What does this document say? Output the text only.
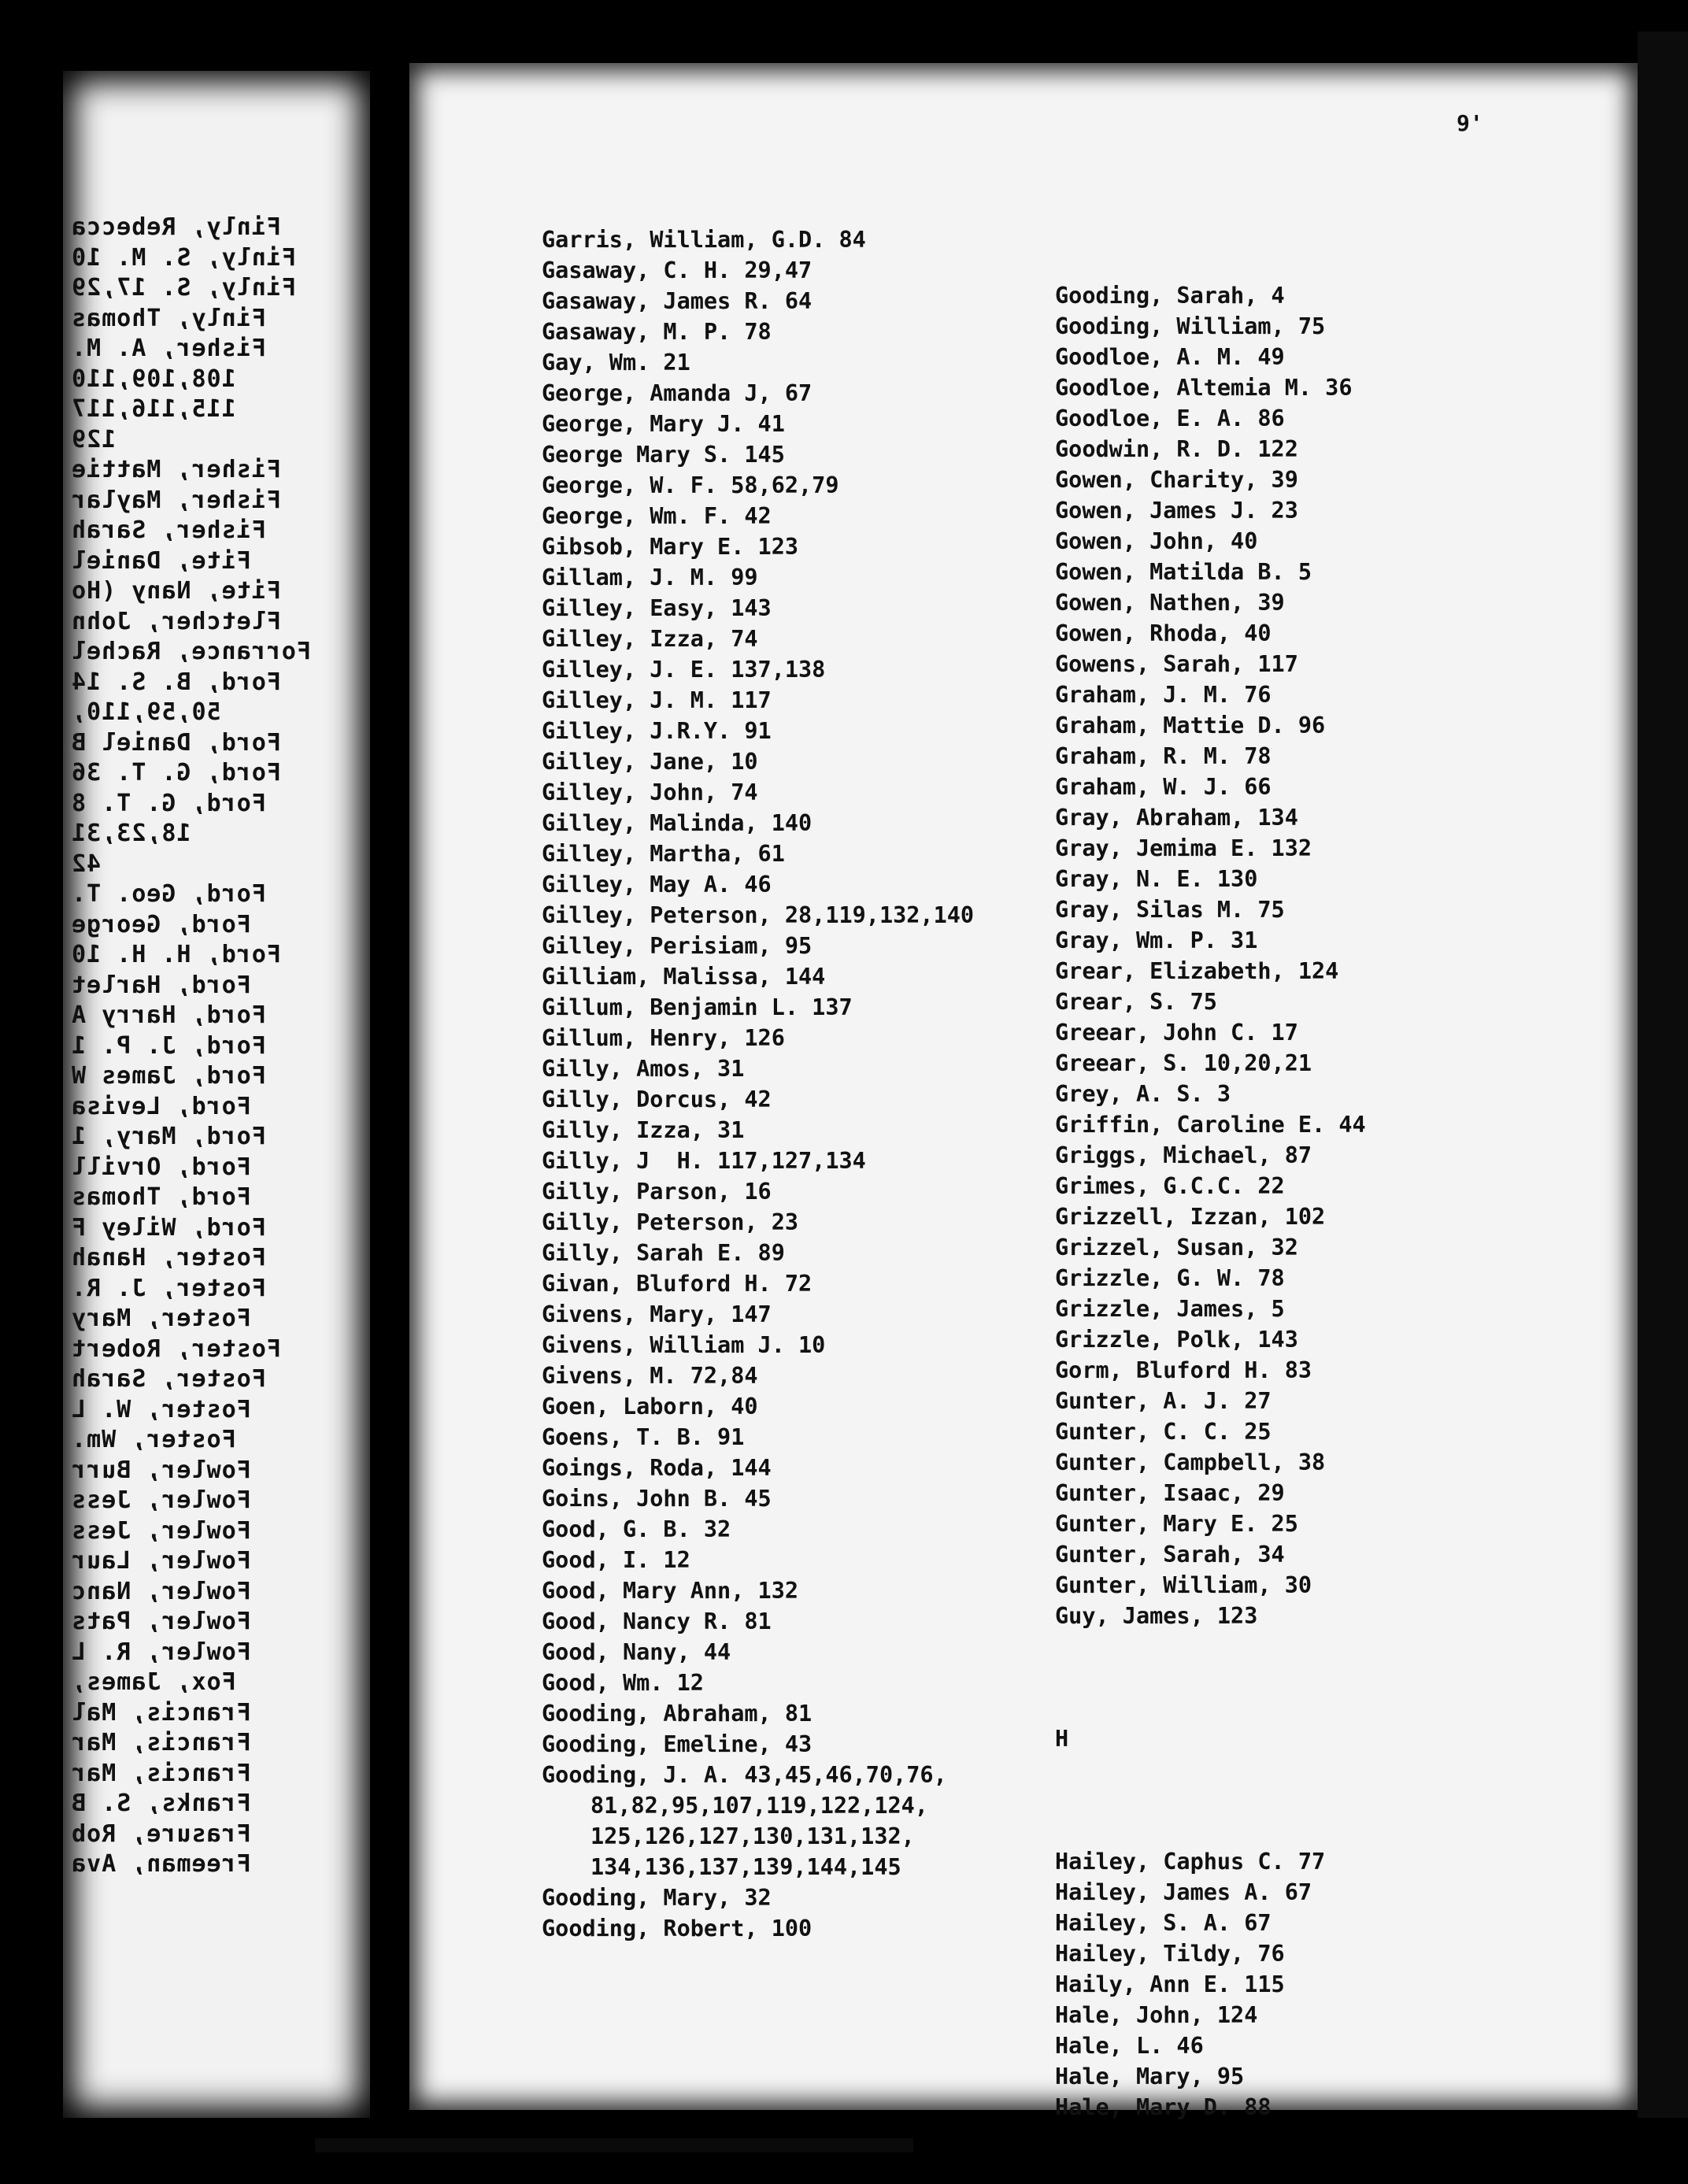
Finly, Rebecca
Finly, S. M. 10
Finly, S. 17,29
Finly, Thomas
Fisher, A. M.
108,109,110
115,116,117
129
Fisher, Mattie
Fisher, Maylar
Fisher, Sarah
Fite, Daniel
Fite, Nany (Ho
Fletcher, John
Forrance, Rachel
Ford, B. S. 14
50,59,110,
Ford, Daniel B
Ford, G. T. 36
Ford, G. T. 8
18,23,31
42
Ford, Geo. T.
Ford, George
Ford, H. H. 10
Ford, Harlet
Ford, Harry A
Ford, J. P. 1
Ford, James W
Ford, Levisa
Ford, Mary, 1
Ford, Orvill
Ford, Thomas
Ford, Wiley F
Foster, Hanah
Foster, J. R.
Foster, Mary
Foster, Robert
Foster, Sarah
Foster, W. L
Foster, Wm.
Fowler, Burr
Fowler, Jess
Fowler, Jess
Fowler, Laur
Fowler, Nanc
Fowler, Pats
Fowler, R. L
Fox, James,
Francis, Mal
Francis, Mar
Francis, Mar
Franks, S. B
Frasure, Rob
Freeman, Ava
9'
Garris, William, G.D. 84
Gasaway, C. H. 29,47
Gasaway, James R. 64
Gasaway, M. P. 78
Gay, Wm. 21
George, Amanda J, 67
George, Mary J. 41
George Mary S. 145
George, W. F. 58,62,79
George, Wm. F. 42
Gibsob, Mary E. 123
Gillam, J. M. 99
Gilley, Easy, 143
Gilley, Izza, 74
Gilley, J. E. 137,138
Gilley, J. M. 117
Gilley, J.R.Y. 91
Gilley, Jane, 10
Gilley, John, 74
Gilley, Malinda, 140
Gilley, Martha, 61
Gilley, May A. 46
Gilley, Peterson, 28,119,132,140
Gilley, Perisiam, 95
Gilliam, Malissa, 144
Gillum, Benjamin L. 137
Gillum, Henry, 126
Gilly, Amos, 31
Gilly, Dorcus, 42
Gilly, Izza, 31
Gilly, J  H. 117,127,134
Gilly, Parson, 16
Gilly, Peterson, 23
Gilly, Sarah E. 89
Givan, Bluford H. 72
Givens, Mary, 147
Givens, William J. 10
Givens, M. 72,84
Goen, Laborn, 40
Goens, T. B. 91
Goings, Roda, 144
Goins, John B. 45
Good, G. B. 32
Good, I. 12
Good, Mary Ann, 132
Good, Nancy R. 81
Good, Nany, 44
Good, Wm. 12
Gooding, Abraham, 81
Gooding, Emeline, 43
Gooding, J. A. 43,45,46,70,76,
81,82,95,107,119,122,124,
125,126,127,130,131,132,
134,136,137,139,144,145
Gooding, Mary, 32
Gooding, Robert, 100

Gooding, Sarah, 4
Gooding, William, 75
Goodloe, A. M. 49
Goodloe, Altemia M. 36
Goodloe, E. A. 86
Goodwin, R. D. 122
Gowen, Charity, 39
Gowen, James J. 23
Gowen, John, 40
Gowen, Matilda B. 5
Gowen, Nathen, 39
Gowen, Rhoda, 40
Gowens, Sarah, 117
Graham, J. M. 76
Graham, Mattie D. 96
Graham, R. M. 78
Graham, W. J. 66
Gray, Abraham, 134
Gray, Jemima E. 132
Gray, N. E. 130
Gray, Silas M. 75
Gray, Wm. P. 31
Grear, Elizabeth, 124
Grear, S. 75
Greear, John C. 17
Greear, S. 10,20,21
Grey, A. S. 3
Griffin, Caroline E. 44
Griggs, Michael, 87
Grimes, G.C.C. 22
Grizzell, Izzan, 102
Grizzel, Susan, 32
Grizzle, G. W. 78
Grizzle, James, 5
Grizzle, Polk, 143
Gorm, Bluford H. 83
Gunter, A. J. 27
Gunter, C. C. 25
Gunter, Campbell, 38
Gunter, Isaac, 29
Gunter, Mary E. 25
Gunter, Sarah, 34
Gunter, William, 30
Guy, James, 123

H

Hailey, Caphus C. 77
Hailey, James A. 67
Hailey, S. A. 67
Hailey, Tildy, 76
Haily, Ann E. 115
Hale, John, 124
Hale, L. 46
Hale, Mary, 95
Hale, Mary D. 88
